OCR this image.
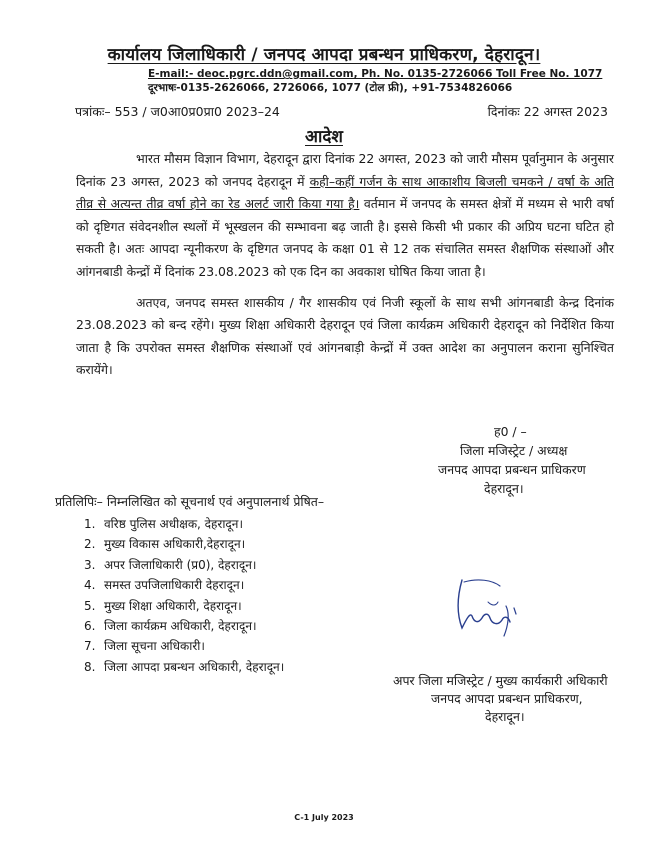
कार्यालय जिलाधिकारी / जनपद आपदा प्रबन्धन प्राधिकरण, देहरादून।
E-mail:- deoc.pgrc.ddn@gmail.com, Ph. No. 0135-2726066 Toll Free No. 1077
दूरभाषः-0135-2626066, 2726066, 1077 (टोल फ्री), +91-7534826066
पत्रांकः– 553 / ज0आ0प्र0प्रा0 2023–24	दिनांकः 22 अगस्त 2023
आदेश

भारत मौसम विज्ञान विभाग, देहरादून द्वारा दिनांक 22 अगस्त, 2023 को जारी मौसम पूर्वानुमान के अनुसार दिनांक 23 अगस्त, 2023 को जनपद देहरादून में कही–कहीं गर्जन के साथ आकाशीय बिजली चमकने / वर्षा के अति तीव्र से अत्यन्त तीव्र वर्षा होने का रेड अलर्ट जारी किया गया है। वर्तमान में जनपद के समस्त क्षेत्रों में मध्यम से भारी वर्षा को दृष्टिगत संवेदनशील स्थलों में भूस्खलन की सम्भावना बढ़ जाती है। इससे किसी भी प्रकार की अप्रिय घटना घटित हो सकती है। अतः आपदा न्यूनीकरण के दृष्टिगत जनपद के कक्षा 01 से 12 तक संचालित समस्त शैक्षणिक संस्थाओं और आंगनबाडी केन्द्रों में दिनांक 23.08.2023 को एक दिन का अवकाश घोषित किया जाता है।

अतएव, जनपद समस्त शासकीय / गैर शासकीय एवं निजी स्कूलों के साथ सभी आंगनबाडी केन्द्र दिनांक 23.08.2023 को बन्द रहेंगे। मुख्य शिक्षा अधिकारी देहरादून एवं जिला कार्यक्रम अधिकारी देहरादून को निर्देशित किया जाता है कि उपरोक्त समस्त शैक्षणिक संस्थाओं एवं आंगनबाड़ी केन्द्रों में उक्त आदेश का अनुपालन कराना सुनिश्चित करायेंगे।

ह0 / –
जिला मजिस्ट्रेट / अध्यक्ष
जनपद आपदा प्रबन्धन प्राधिकरण
देहरादून।
प्रतिलिपिः– निम्नलिखित को सूचनार्थ एवं अनुपालनार्थ प्रेषित–
1. वरिष्ठ पुलिस अधीक्षक, देहरादून।
2. मुख्य विकास अधिकारी,देहरादून।
3. अपर जिलाधिकारी (प्र0), देहरादून।
4. समस्त उपजिलाधिकारी देहरादून।
5. मुख्य शिक्षा अधिकारी, देहरादून।
6. जिला कार्यक्रम अधिकारी, देहरादून।
7. जिला सूचना अधिकारी।
8. जिला आपदा प्रबन्धन अधिकारी, देहरादून।
अपर जिला मजिस्ट्रेट / मुख्य कार्यकारी अधिकारी
जनपद आपदा प्रबन्धन प्राधिकरण,
देहरादून।
C-1 July 2023
